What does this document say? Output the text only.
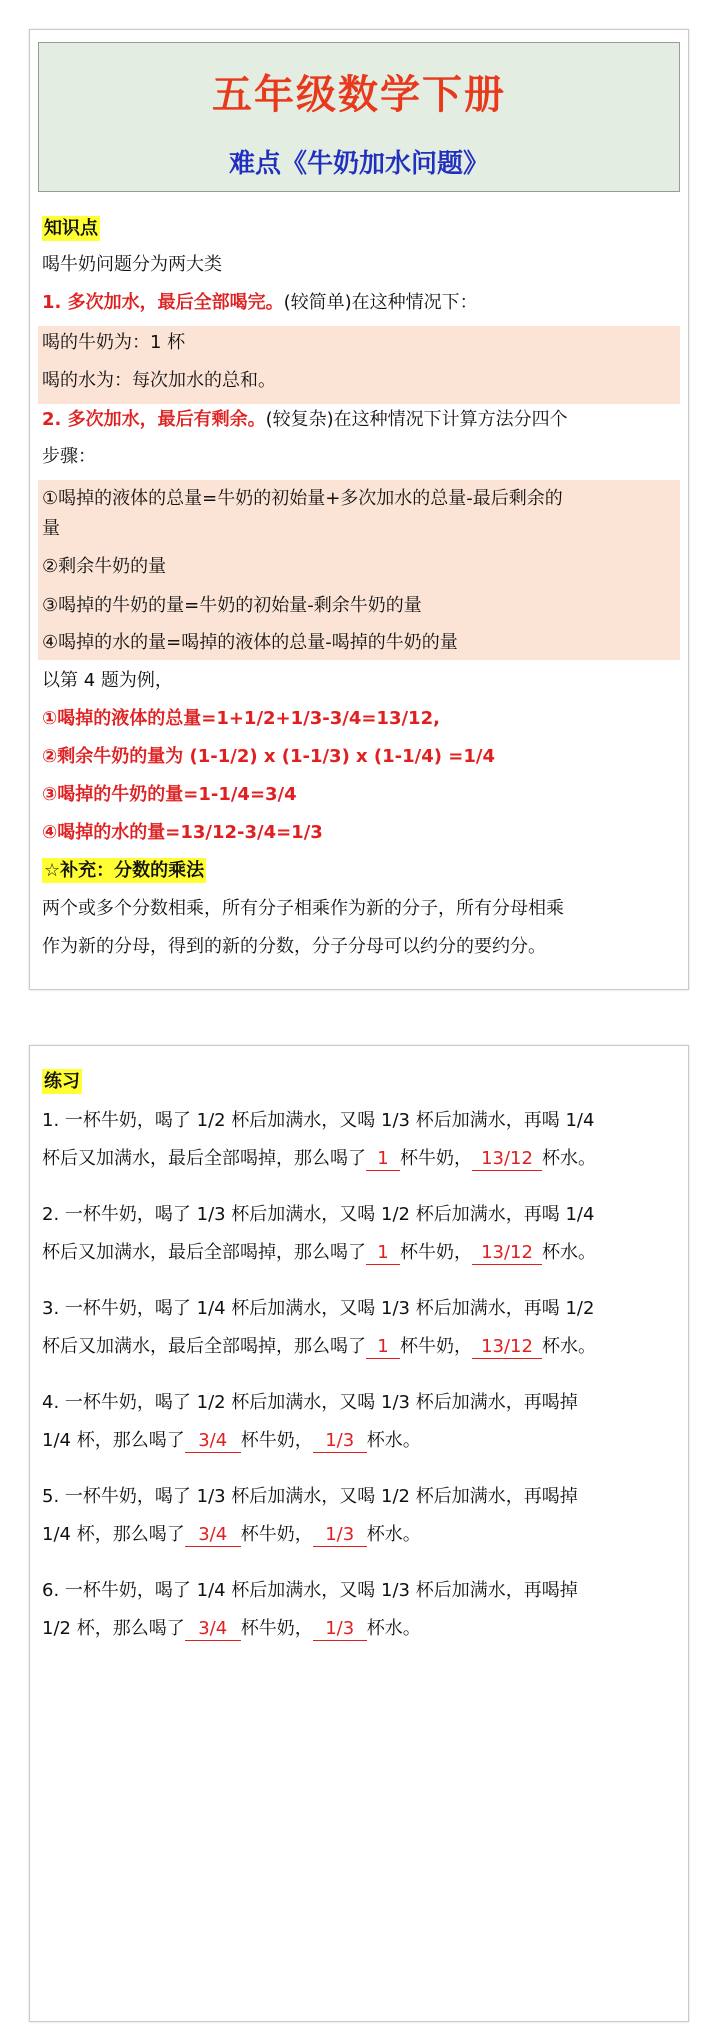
五年级数学下册
难点《牛奶加水问题》
知识点
喝牛奶问题分为两大类
1. 多次加水，最后全部喝完。(较简单)在这种情况下：
喝的牛奶为：1 杯
喝的水为：每次加水的总和。
2. 多次加水，最后有剩余。(较复杂)在这种情况下计算方法分四个
步骤：
①喝掉的液体的总量=牛奶的初始量+多次加水的总量-最后剩余的
量
②剩余牛奶的量
③喝掉的牛奶的量=牛奶的初始量-剩余牛奶的量
④喝掉的水的量=喝掉的液体的总量-喝掉的牛奶的量
以第 4 题为例，
①喝掉的液体的总量=1+1/2+1/3-3/4=13/12,
②剩余牛奶的量为 (1-1/2) x (1-1/3) x (1-1/4) =1/4
③喝掉的牛奶的量=1-1/4=3/4
④喝掉的水的量=13/12-3/4=1/3
☆补充：分数的乘法
两个或多个分数相乘，所有分子相乘作为新的分子，所有分母相乘
作为新的分母，得到的新的分数，分子分母可以约分的要约分。
练习
1. 一杯牛奶，喝了 1/2 杯后加满水，又喝 1/3 杯后加满水，再喝 1/4
杯后又加满水，最后全部喝掉，那么喝了 1 杯牛奶， 13/12 杯水。
2. 一杯牛奶，喝了 1/3 杯后加满水，又喝 1/2 杯后加满水，再喝 1/4
杯后又加满水，最后全部喝掉，那么喝了 1 杯牛奶， 13/12 杯水。
3. 一杯牛奶，喝了 1/4 杯后加满水，又喝 1/3 杯后加满水，再喝 1/2
杯后又加满水，最后全部喝掉，那么喝了 1 杯牛奶， 13/12 杯水。
4. 一杯牛奶，喝了 1/2 杯后加满水，又喝 1/3 杯后加满水，再喝掉
1/4 杯，那么喝了 3/4 杯牛奶， 1/3 杯水。
5. 一杯牛奶，喝了 1/3 杯后加满水，又喝 1/2 杯后加满水，再喝掉
1/4 杯，那么喝了 3/4 杯牛奶， 1/3 杯水。
6. 一杯牛奶，喝了 1/4 杯后加满水，又喝 1/3 杯后加满水，再喝掉
1/2 杯，那么喝了 3/4 杯牛奶， 1/3 杯水。
